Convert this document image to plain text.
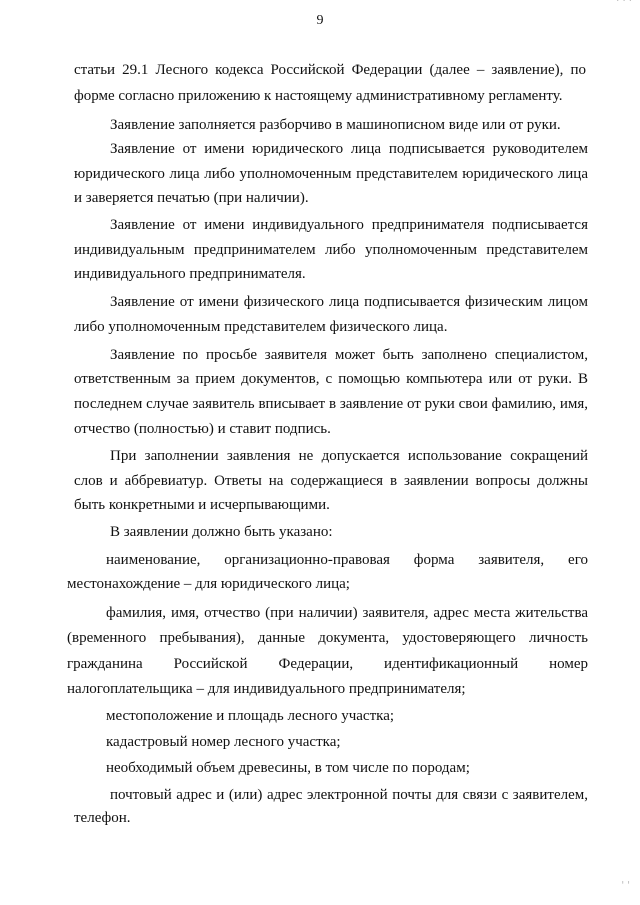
9
статьи 29.1 Лесного кодекса Российской Федерации (далее – заявление), по
форме согласно приложению к настоящему административному регламенту.
Заявление заполняется разборчиво в машинописном виде или от руки.
Заявление от имени юридического лица подписывается руководителем
юридического лица либо уполномоченным представителем юридического лица
и заверяется печатью (при наличии).
Заявление от имени индивидуального предпринимателя подписывается
индивидуальным предпринимателем либо уполномоченным представителем
индивидуального предпринимателя.
Заявление от имени физического лица подписывается физическим лицом
либо уполномоченным представителем физического лица.
Заявление по просьбе заявителя может быть заполнено специалистом,
ответственным за прием документов, с помощью компьютера или от руки. В
последнем случае заявитель вписывает в заявление от руки свои фамилию, имя,
отчество (полностью) и ставит подпись.
При заполнении заявления не допускается использование сокращений
слов и аббревиатур. Ответы на содержащиеся в заявлении вопросы должны
быть конкретными и исчерпывающими.
В заявлении должно быть указано:
наименование, организационно-правовая форма заявителя, его
местонахождение – для юридического лица;
фамилия, имя, отчество (при наличии) заявителя, адрес места жительства
(временного пребывания), данные документа, удостоверяющего личность
гражданина Российской Федерации, идентификационный номер
налогоплательщика – для индивидуального предпринимателя;
местоположение и площадь лесного участка;
кадастровый номер лесного участка;
необходимый объем древесины, в том числе по породам;
почтовый адрес и (или) адрес электронной почты для связи с заявителем,
телефон.
· · ·
' '
